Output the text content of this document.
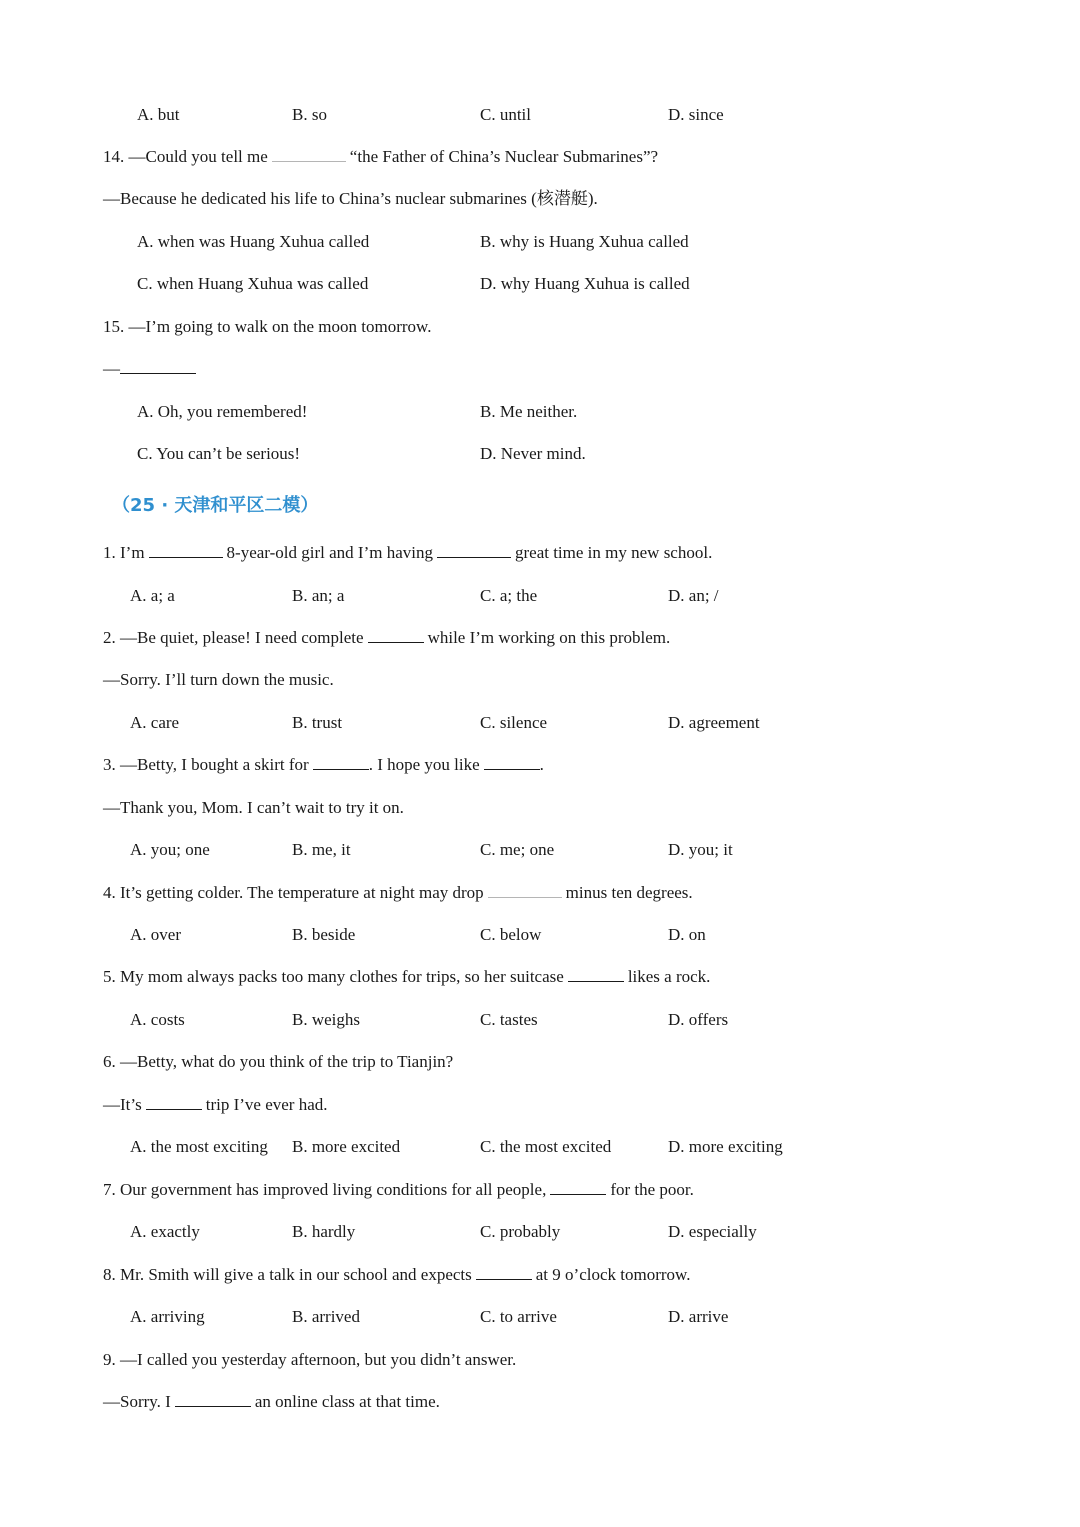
A. but	B. so	C. until	D. since
14. —Could you tell me	“the Father of China’s Nuclear Submarines”?
—Because he dedicated his life to China’s nuclear submarines (核潜艇).
A. when was Huang Xuhua called	B. why is Huang Xuhua called
C. when Huang Xuhua was called	D. why Huang Xuhua is called
15. —I’m going to walk on the moon tomorrow.
—
A. Oh, you remembered!	B. Me neither.
C. You can’t be serious!	D. Never mind.
（25 · 天津和平区二模）
1. I’m	8-year-old girl and I’m having	great time in my new school.
A. a; a	B. an; a	C. a; the	D. an; /
2. —Be quiet, please! I need complete	while I’m working on this problem.
—Sorry. I’ll turn down the music.
A. care	B. trust	C. silence	D. agreement
3. —Betty, I bought a skirt for	. I hope you like	.
—Thank you, Mom. I can’t wait to try it on.
A. you; one	B. me, it	C. me; one	D. you; it
4. It’s getting colder. The temperature at night may drop	minus ten degrees.
A. over	B. beside	C. below	D. on
5. My mom always packs too many clothes for trips, so her suitcase	likes a rock.
A. costs	B. weighs	C. tastes	D. offers
6. —Betty, what do you think of the trip to Tianjin?
—It’s	trip I’ve ever had.
A. the most exciting B. more excited	C. the most excited	D. more exciting
7. Our government has improved living conditions for all people,	for the poor.
A. exactly	B. hardly	C. probably	D. especially
8. Mr. Smith will give a talk in our school and expects	at 9 o’clock tomorrow.
A. arriving	B. arrived	C. to arrive	D. arrive
9. —I called you yesterday afternoon, but you didn’t answer.
—Sorry. I	an online class at that time.
